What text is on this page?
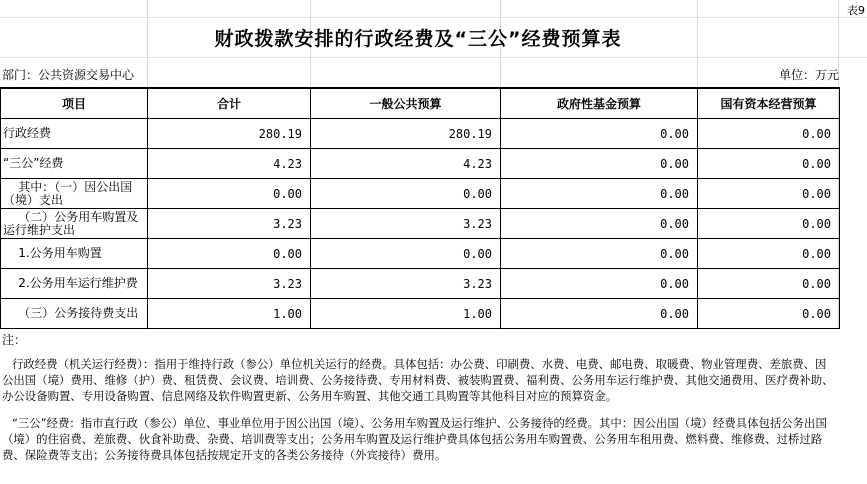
表9
财政拨款安排的行政经费及“三公”经费预算表
部门：公共资源交易中心	单位：万元
项目	合计	一般公共预算	政府性基金预算	国有资本经营预算
行政经费	280.19	280.19	0.00	0.00
“三公”经费	4.23	4.23	0.00	0.00
其中：（一）因公出国（境）支出	0.00	0.00	0.00	0.00
（二）公务用车购置及运行维护支出	3.23	3.23	0.00	0.00
1.公务用车购置	0.00	0.00	0.00	0.00
2.公务用车运行维护费	3.23	3.23	0.00	0.00
（三）公务接待费支出	1.00	1.00	0.00	0.00
注：
行政经费（机关运行经费）：指用于维持行政（参公）单位机关运行的经费。具体包括：办公费、印刷费、水费、电费、邮电费、取暖费、物业管理费、差旅费、因公出国（境）费用、维修（护）费、租赁费、会议费、培训费、公务接待费、专用材料费、被装购置费、福利费、公务用车运行维护费、其他交通费用、医疗费补助、办公设备购置、专用设备购置、信息网络及软件购置更新、公务用车购置、其他交通工具购置等其他科目对应的预算资金。
“三公”经费：指市直行政（参公）单位、事业单位用于因公出国（境）、公务用车购置及运行维护、公务接待的经费。其中：因公出国（境）经费具体包括公务出国（境）的住宿费、差旅费、伙食补助费、杂费、培训费等支出；公务用车购置及运行维护费具体包括公务用车购置费、公务用车租用费、燃料费、维修费、过桥过路费、保险费等支出；公务接待费具体包括按规定开支的各类公务接待（外宾接待）费用。
